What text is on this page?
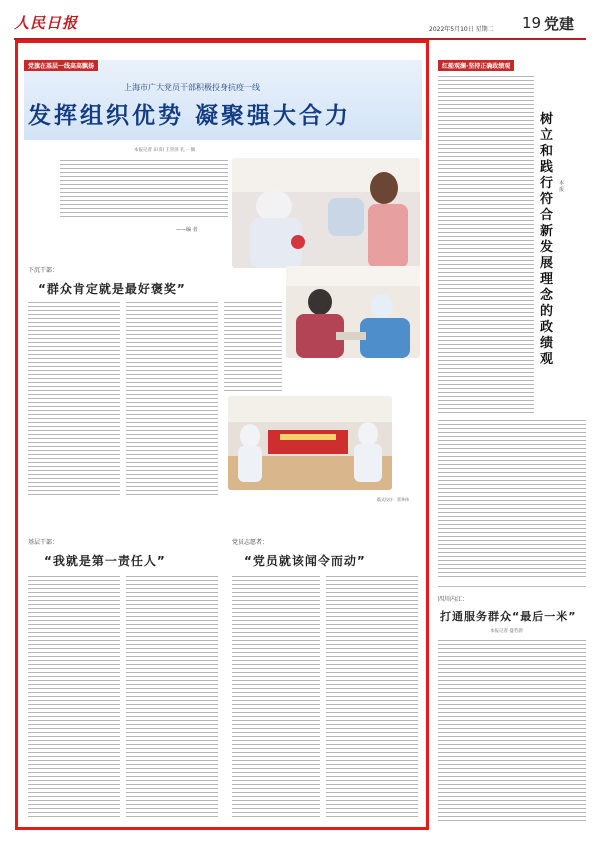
人民日报	2022年5月10日 星期二 19 党建
党旗在基层一线高高飘扬
上海市广大党员干部积极投身抗疫一线
发挥组织优势 凝聚强大合力
本报记者 田 阳 王崇泽 孔 一阁
——编 者
版式设计：蔡华伟
下沉干部：
“群众肯定就是最好褒奖”
基层干部：
“我就是第一责任人”
党员志愿者：
“党员就该闻令而动”
红船观澜·坚持正确政绩观
树立和践行符合新发展理念的政绩观
本 报
四川内江：
打通服务群众“最后一米”
本报记者 盛若蔚
